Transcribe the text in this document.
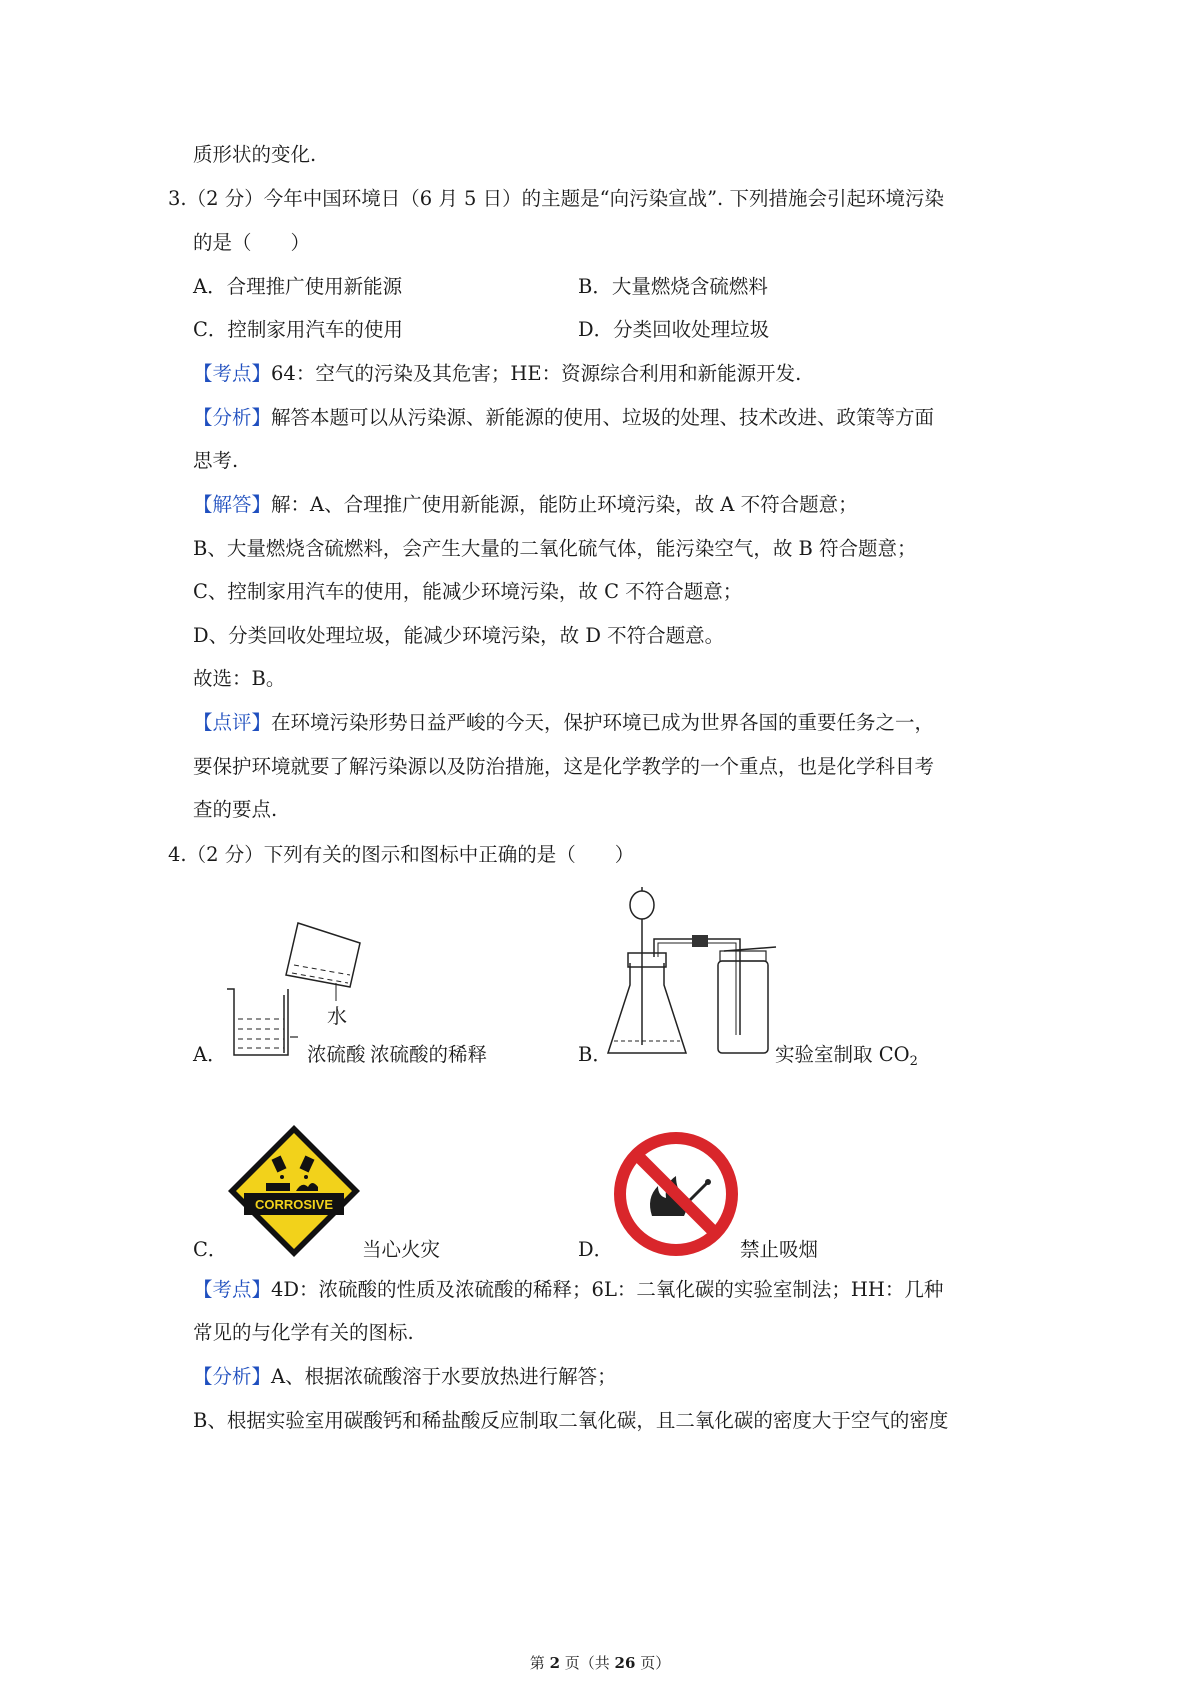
质形状的变化.
3.（2 分）今年中国环境日（6 月 5 日）的主题是“向污染宣战”. 下列措施会引起环境污染
的是（　　）
A．合理推广使用新能源	B．大量燃烧含硫燃料
C．控制家用汽车的使用	D．分类回收处理垃圾
【考点】64：空气的污染及其危害；HE：资源综合利用和新能源开发.
【分析】解答本题可以从污染源、新能源的使用、垃圾的处理、技术改进、政策等方面
思考.
【解答】解：A、合理推广使用新能源，能防止环境污染，故 A 不符合题意；
B、大量燃烧含硫燃料，会产生大量的二氧化硫气体，能污染空气，故 B 符合题意；
C、控制家用汽车的使用，能减少环境污染，故 C 不符合题意；
D、分类回收处理垃圾，能减少环境污染，故 D 不符合题意。
故选：B。
【点评】在环境污染形势日益严峻的今天，保护环境已成为世界各国的重要任务之一，
要保护环境就要了解污染源以及防治措施，这是化学教学的一个重点，也是化学科目考
查的要点.
4.（2 分）下列有关的图示和图标中正确的是（　　）
A．
水
浓硫酸 浓硫酸的稀释	B．	实验室制取 $CO_2$
C．
CORROSIVE
当心火灾	D．	禁止吸烟
【考点】4D：浓硫酸的性质及浓硫酸的稀释；6L：二氧化碳的实验室制法；HH：几种
常见的与化学有关的图标.
【分析】A、根据浓硫酸溶于水要放热进行解答；
B、根据实验室用碳酸钙和稀盐酸反应制取二氧化碳，且二氧化碳的密度大于空气的密度
第 2 页（共 26 页）
